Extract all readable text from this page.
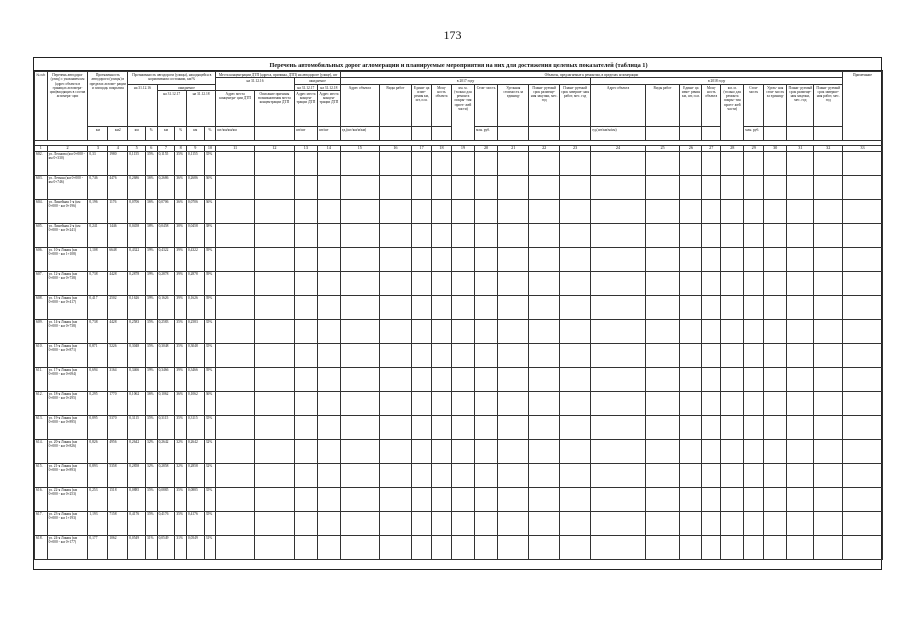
173
Перечень автомобильных дорог агломерации и планируемые мероприятия на них для достижения целевых показателей (таблица 1)
№ п/п	Перечень автодорог (улиц) с указанием км (адрес объекта в границах агломера- ции)входящих в состав агломера- ции	Протяженность автодороги (улицы) в пределах агломе- рации и площадь покрытия		Протяженность автодороги (улицы), находящейся в нормативном состоянии, км/%						Места концентрации ДТП (адреса, причины, ДТП) на автодороге (улице), шт				Объекты, предлагаемые к ремонтам, в пределах агломерации																		Примечание
										на 31.12.16		ожидаемое		в 2017 году									в 2018 году									
				на 31.12.16		ожидаемое						на 31.12.17	на 31.12.18	Адрес объекта	Виды работ	Едини- ца изме- рения км, шт, п.м.	Мощ- ность объекта	км. м. (только для ремонта покры- тия проез- жей части)	Стои- мость	Удельная стоимость за единицу	Плани- руемый срок размеще- ния закупки, мес. год	Плани- руемый срок заверше- ния работ, мес. год	Адрес объекта	Виды работ	Едини- ца изме- рения км, шт, п.м.	Мощ- ность объекта	км. м. (только для ремонта покры- тия проез- жей части)	Стои- мость	Удель- ная стои- мость за единицу	Плани- руемый срок размеще- ния закупки, мес. год	Плани- руемый срок заверше- ния работ, мес. год	
						на 31.12.17		на 31.12.18		Адрес места концентра- ции ДТП	Описание причины возникновения места концентрации ДТП	Адрес места концен- трации ДТП	Адрес места концен- трации ДТП																			
		км	км2	км	%	км	%	км	%	шт/км/км/км		шт/шт	шт/шт	ед.(шт/км/м/км)					млн. руб.				ед.(шт/км/м/км)					млн. руб.				

1	2	3	4	5	6	7	8	9	10	11	12	13	14	15	16	17	18	19	20	21	22	23	24	25	26	27	28	29	30	31	32	33
602.	ул. Леонова (км 0+000 - км 0+330)	0,33	1980	0,1155	35%	0,1155	35%	0,1155	35%																							
603.	ул. Летняя (км 0+000 - км 0+746)	0,746	4476	0,2686	36%	0,2686	36%	0,2686	36%																							
604.	ул. Линейная 1-я (км 0+000 - км 0+196)	0,196	1176	0,0706	36%	0,0706	36%	0,0706	36%																							
605.	ул. Линейная 2-я (км 0+000 - км 0+241)	0,241	1446	0,0458	38%	0,0458	38%	0,0458	38%																							
606.	ул. 10-я Линия (км 0+000 - км 1+108)	1,108	6648	0,4322	39%	0,4322	39%	0,4322	39%																							
607.	ул. 12-я Линия (км 0+000 - км 0+738)	0,738	4428	0,2878	39%	0,2878	39%	0,2878	39%																							
608.	ул. 13-я Линия (км 0+000 - км 0+417)	0,417	2502	0,1626	39%	0,1626	39%	0,1626	39%																							
609.	ул. 14-я Линия (км 0+000 - км 0+738)	0,738	4428	0,2583	35%	0,2583	35%	0,2583	35%																							
610.	ул. 15-я Линия (км 0+000 - км 0+871)	0,871	5226	0,3048	35%	0,3048	35%	0,3048	35%																							
611.	ул. 17-я Линия (км 0+000 - км 0+694)	0,694	3164	0,3466	39%	0,3466	39%	0,3466	39%																							
612.	ул. 18-я Линия (км 0+000 - км 0+295)	0,295	1770	0,1062	36%	0,1062	36%	0,1062	36%																							
613.	ул. 19-я Линия (км 0+000 - км 0+895)	0,895	5370	0,3115	35%	0,3115	35%	0,3115	35%																							
614.	ул. 20-я Линия (км 0+000 - км 0+826)	0,826	4956	0,2642	32%	0,2642	32%	0,2642	32%																							
615.	ул. 21-я Линия (км 0+000 - км 0+893)	0,893	5358	0,2858	32%	0,2858	32%	0,2858	32%																							
616.	ул. 22-я Линия (км 0+000 - км 0+253)	0,253	1518	0,0885	35%	0,0885	35%	0,0885	35%																							
617.	ул. 23-я Линия (км 0+000 - км 1+193)	1,193	7158	0,4176	35%	0,4176	35%	0,4176	35%																							
618.	ул. 24-я Линия (км 0+000 - км 0+177)	0,177	1062	0,0549	31%	0,0549	31%	0,0549	31%																							
